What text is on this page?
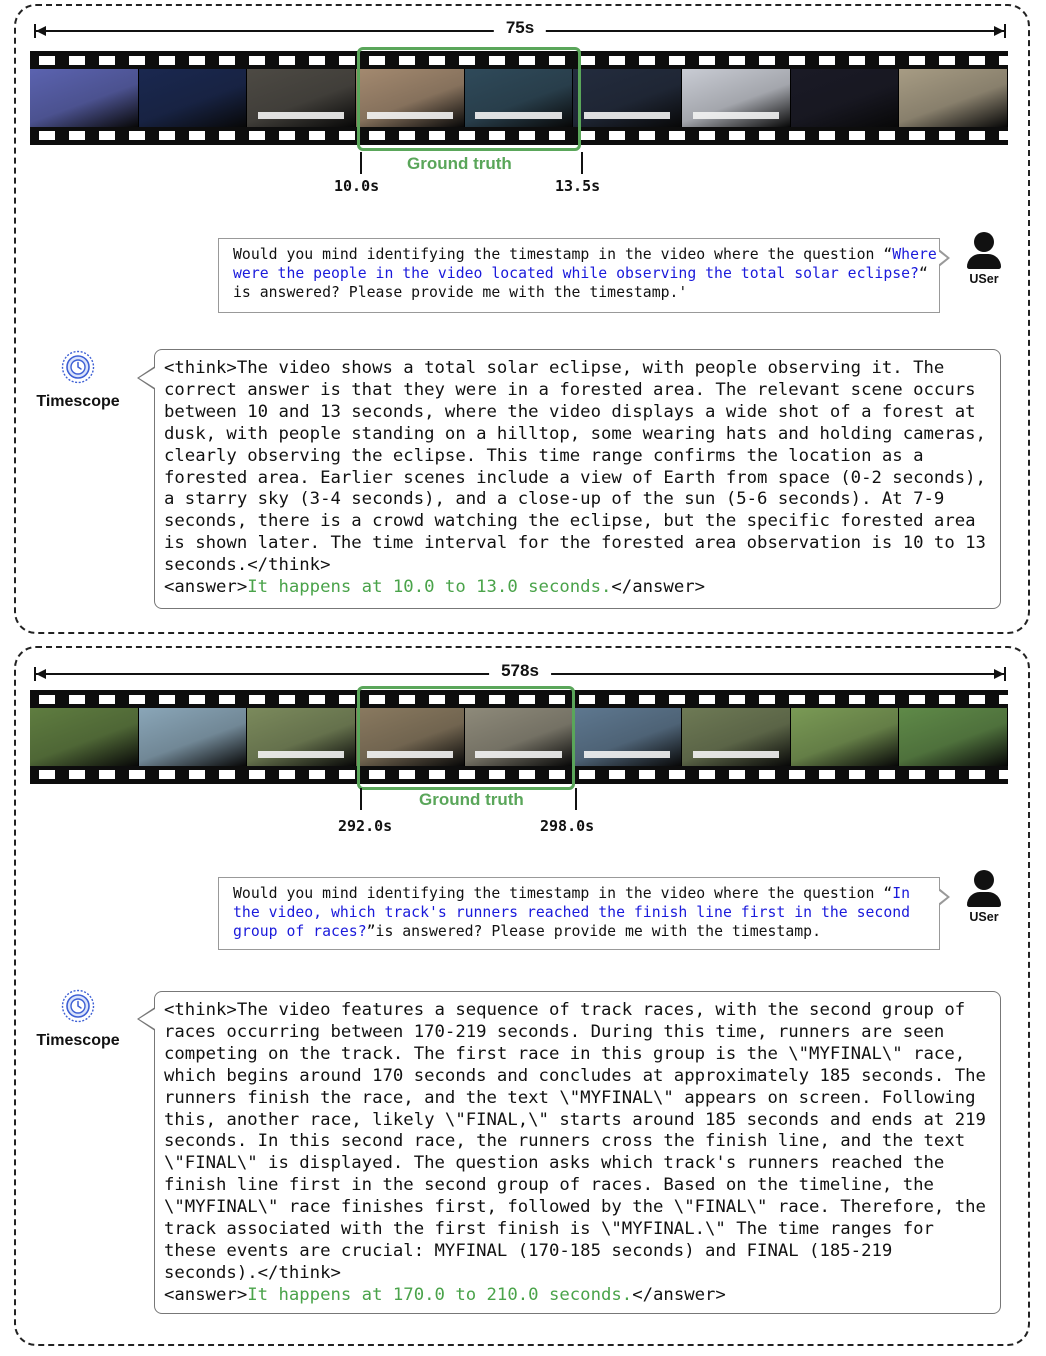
75s
Ground truth
10.0s	13.5s
Would you mind identifying the timestamp in the video where the question “Where were the people in the video located while observing the total solar eclipse?“ is answered? Please provide me with the timestamp.'
USer
Timescope
<think>The video shows a total solar eclipse, with people observing it. The correct answer is that they were in a forested area. The relevant scene occurs between 10 and 13 seconds, where the video displays a wide shot of a forest at dusk, with people standing on a hilltop, some wearing hats and holding cameras, clearly observing the eclipse. This time range confirms the location as a forested area. Earlier scenes include a view of Earth from space (0-2 seconds), a starry sky (3-4 seconds), and a close-up of the sun (5-6 seconds). At 7-9 seconds, there is a crowd watching the eclipse, but the specific forested area is shown later. The time interval for the forested area observation is 10 to 13 seconds.</think>
<answer>It happens at 10.0 to 13.0 seconds.</answer>
578s
Ground truth
292.0s	298.0s
Would you mind identifying the timestamp in the video where the question “In the video, which track's runners reached the finish line first in the second group of races?”is answered? Please provide me with the timestamp.
USer
Timescope
<think>The video features a sequence of track races, with the second group of races occurring between 170-219 seconds. During this time, runners are seen competing on the track. The first race in this group is the \"MYFINAL\" race, which begins around 170 seconds and concludes at approximately 185 seconds. The runners finish the race, and the text \"MYFINAL\" appears on screen. Following this, another race, likely \"FINAL,\" starts around 185 seconds and ends at 219 seconds. In this second race, the runners cross the finish line, and the text \"FINAL\" is displayed. The question asks which track's runners reached the finish line first in the second group of races. Based on the timeline, the \"MYFINAL\" race finishes first, followed by the \"FINAL\" race. Therefore, the track associated with the first finish is \"MYFINAL.\" The time ranges for these events are crucial: MYFINAL (170-185 seconds) and FINAL (185-219 seconds).</think>
<answer>It happens at 170.0 to 210.0 seconds.</answer>
